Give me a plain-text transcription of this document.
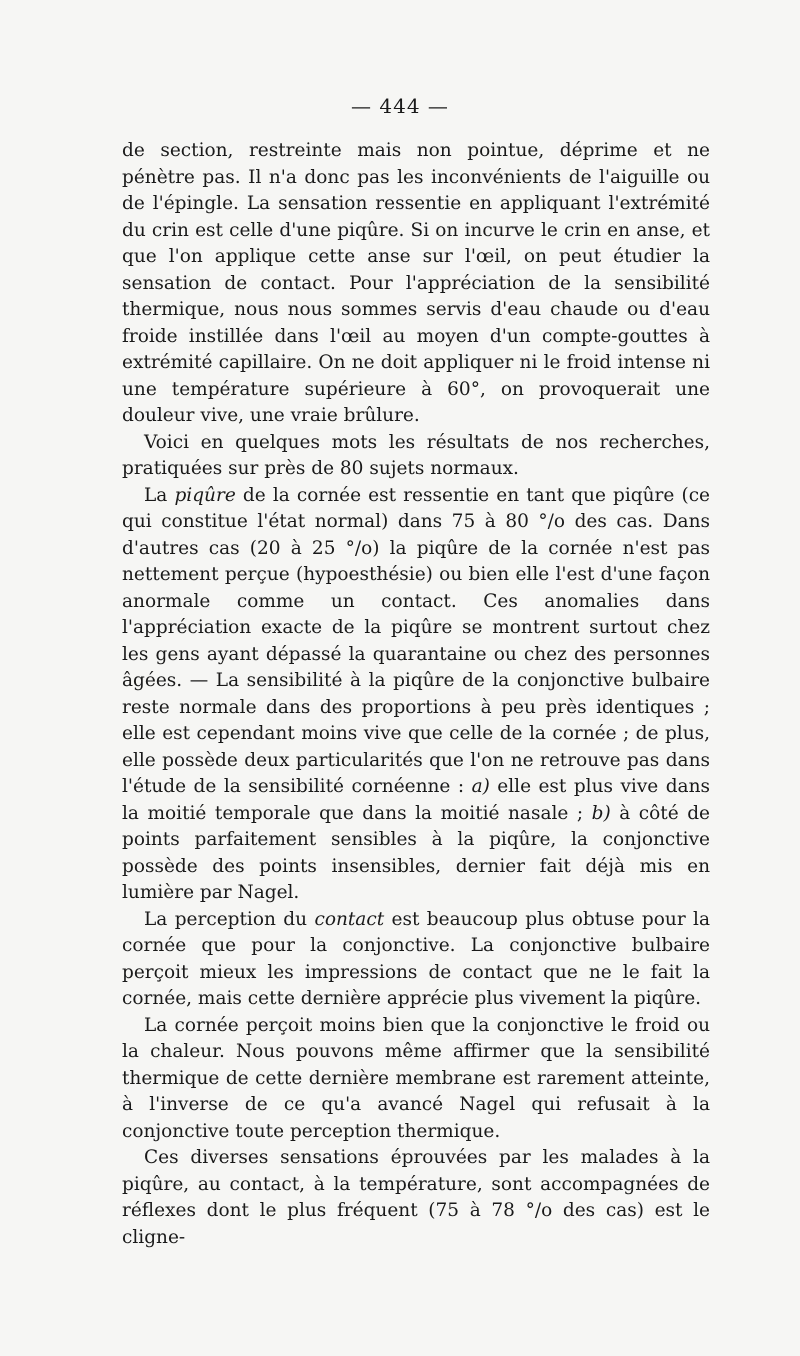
— 444 —

de section, restreinte mais non pointue, déprime et ne pénètre pas. Il n'a donc pas les inconvénients de l'aiguille ou de l'épingle. La sensation ressentie en appliquant l'extrémité du crin est celle d'une piqûre. Si on incurve le crin en anse, et que l'on applique cette anse sur l'œil, on peut étudier la sensation de contact. Pour l'appréciation de la sensibilité thermique, nous nous sommes servis d'eau chaude ou d'eau froide instillée dans l'œil au moyen d'un compte-gouttes à extrémité capillaire. On ne doit appliquer ni le froid intense ni une température supérieure à 60°, on provoquerait une douleur vive, une vraie brûlure.

Voici en quelques mots les résultats de nos recherches, pratiquées sur près de 80 sujets normaux.

La piqûre de la cornée est ressentie en tant que piqûre (ce qui constitue l'état normal) dans 75 à 80 °/o des cas. Dans d'autres cas (20 à 25 °/o) la piqûre de la cornée n'est pas nettement perçue (hypoesthésie) ou bien elle l'est d'une façon anormale comme un contact. Ces anomalies dans l'appréciation exacte de la piqûre se montrent surtout chez les gens ayant dépassé la quarantaine ou chez des personnes âgées. — La sensibilité à la piqûre de la conjonctive bulbaire reste normale dans des proportions à peu près identiques ; elle est cependant moins vive que celle de la cornée ; de plus, elle possède deux particularités que l'on ne retrouve pas dans l'étude de la sensibilité cornéenne : a) elle est plus vive dans la moitié temporale que dans la moitié nasale ; b) à côté de points parfaitement sensibles à la piqûre, la conjonctive possède des points insensibles, dernier fait déjà mis en lumière par Nagel.

La perception du contact est beaucoup plus obtuse pour la cornée que pour la conjonctive. La conjonctive bulbaire perçoit mieux les impressions de contact que ne le fait la cornée, mais cette dernière apprécie plus vivement la piqûre.

La cornée perçoit moins bien que la conjonctive le froid ou la chaleur. Nous pouvons même affirmer que la sensibilité thermique de cette dernière membrane est rarement atteinte, à l'inverse de ce qu'a avancé Nagel qui refusait à la conjonctive toute perception thermique.

Ces diverses sensations éprouvées par les malades à la piqûre, au contact, à la température, sont accompagnées de réflexes dont le plus fréquent (75 à 78 °/o des cas) est le cligne-
